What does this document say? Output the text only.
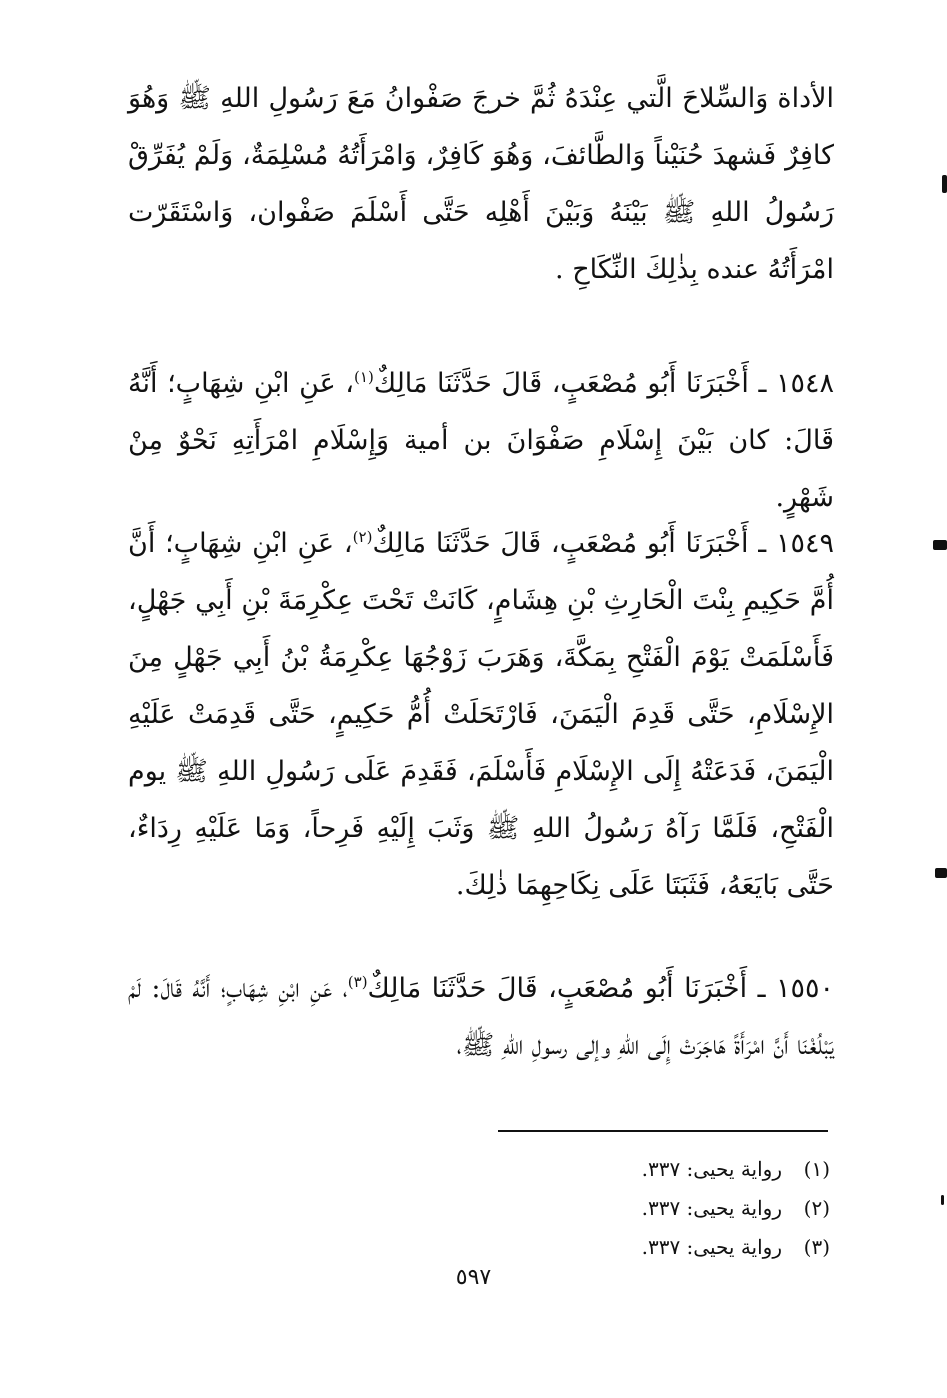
الأداة وَالسِّلاحَ الَّتي عِنْدَهُ ثُمَّ خرجَ صَفْوانُ مَعَ رَسُولِ اللهِ ﷺ وَهُوَ كافِرٌ فَشهدَ حُنَيْناً وَالطَّائفَ، وَهُوَ كَافِرٌ، وَامْرَأَتُهُ مُسْلِمَةٌ، وَلَمْ يُفَرِّقْ رَسُولُ اللهِ ﷺ بَيْنَهُ وَبَيْنَ أَهْلِه حَتَّى أَسْلَمَ صَفْوان، وَاسْتَقَرّت امْرَأَتُهُ عنده بِذٰلِكَ النِّكَاحِ .

١٥٤٨ ـ أَخْبَرَنَا أَبُو مُصْعَبٍ، قَالَ حَدَّثَنَا مَالِكٌ$^{(١)}$، عَنِ ابْنِ شِهَابٍ؛ أَنَّهُ قَالَ: كان بَيْنَ إِسْلَامِ صَفْوَانَ بن أمية وَإِسْلَامِ امْرَأَتِهِ نَحْوٌ مِنْ شَهْرٍ.

١٥٤٩ ـ أَخْبَرَنَا أَبُو مُصْعَبٍ، قَالَ حَدَّثَنَا مَالِكٌ$^{(٢)}$، عَنِ ابْنِ شِهَابٍ؛ أَنَّ أُمَّ حَكِيمِ بِنْتَ الْحَارِثِ بْنِ هِشَامٍ، كَانَتْ تَحْتَ عِكْرِمَةَ بْنِ أَبِي جَهْلٍ، فَأَسْلَمَتْ يَوْمَ الْفَتْحِ بِمَكَّةَ، وَهَرَبَ زَوْجُهَا عِكْرِمَةُ بْنُ أَبِي جَهْلٍ مِنَ الإِسْلَامِ، حَتَّى قَدِمَ الْيَمَنَ، فَارْتَحَلَتْ أُمُّ حَكِيمٍ، حَتَّى قَدِمَتْ عَلَيْهِ الْيَمَنَ، فَدَعَتْهُ إِلَى الإِسْلَامِ فَأَسْلَمَ، فَقَدِمَ عَلَى رَسُولِ اللهِ ﷺ يوم الْفَتْحِ، فَلَمَّا رَآهُ رَسُولُ اللهِ ﷺ وَثَبَ إِلَيْهِ فَرِحاً، وَمَا عَلَيْهِ رِدَاءٌ، حَتَّى بَايَعَهُ، فَثَبَتَا عَلَى نِكَاحِهِمَا ذٰلِكَ.

١٥٥٠ ـ أَخْبَرَنَا أَبُو مُصْعَبٍ، قَالَ حَدَّثَنَا مَالِكٌ$^{(٣)}$، عَنِ ابْنِ شِهَابٍ؛ أَنَّهُ قَالَ: لَمْ يَبْلُغْنَا أَنَّ امْرَأَةً هَاجَرَتْ إِلَى اللهِ وإلى رسولِ اللهِ ﷺ،

(١)رواية يحيى: ٣٣٧.
(٢)رواية يحيى: ٣٣٧.
(٣)رواية يحيى: ٣٣٧.
٥٩٧
